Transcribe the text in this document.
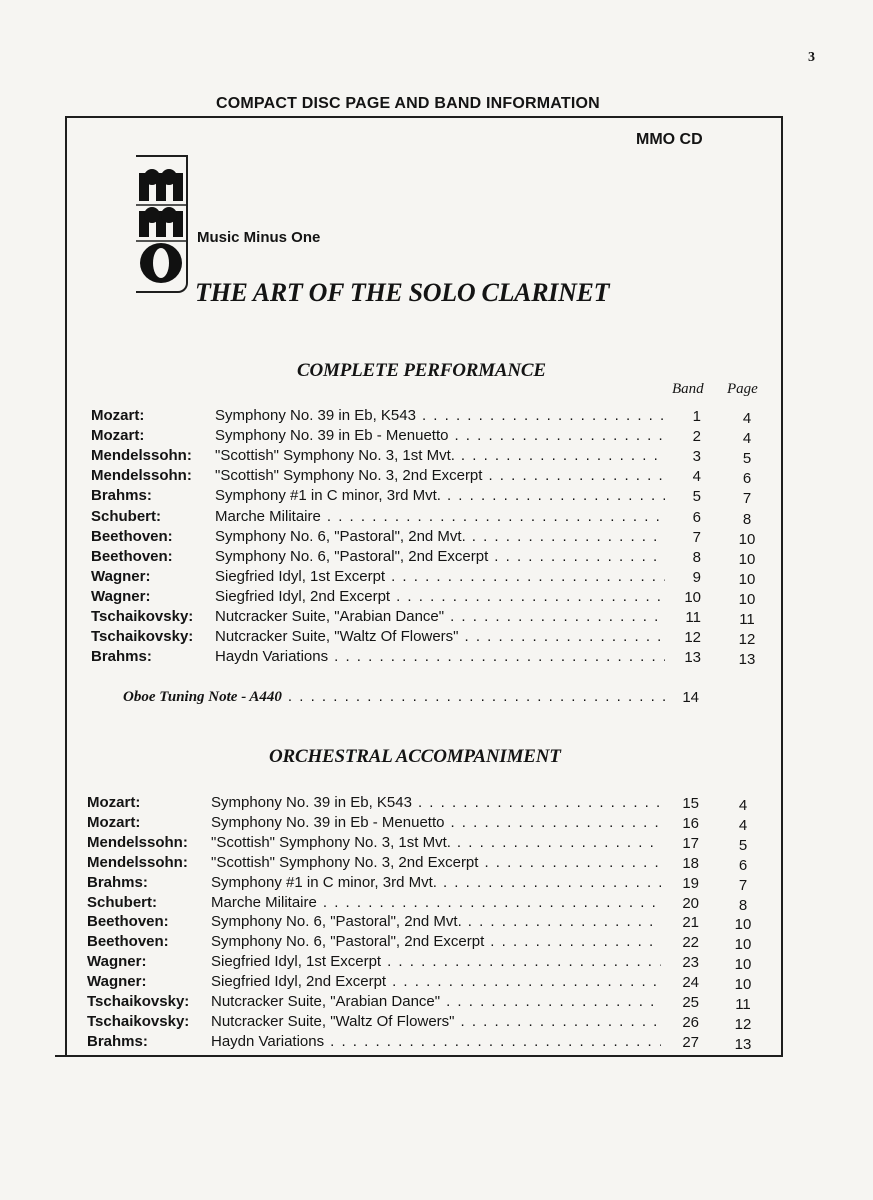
3
COMPACT DISC PAGE AND BAND INFORMATION
MMO CD
Music Minus One
THE ART OF THE SOLO CLARINET
COMPLETE PERFORMANCE
Band Page
Mozart:	Symphony No. 39 in Eb, K543 . . .	1	4
Mozart:	Symphony No. 39 in Eb - Menuetto . . .	2	4
Mendelssohn: "Scottish" Symphony No. 3, 1st Mvt. . . .	3	5
Mendelssohn: "Scottish" Symphony No. 3, 2nd Excerpt . . .	4	6
Brahms:	Symphony #1 in C minor, 3rd Mvt. . . .	5	7
Schubert:	Marche Militaire . . .	6	8
Beethoven:	Symphony No. 6, "Pastoral", 2nd Mvt. . . .	7	10
Beethoven:	Symphony No. 6, "Pastoral", 2nd Excerpt . . .	8	10
Wagner:	Siegfried Idyl, 1st Excerpt . . .	9	10
Wagner:	Siegfried Idyl, 2nd Excerpt . . .	10	10
Tschaikovsky: Nutcracker Suite, "Arabian Dance" . . .	11	11
Tschaikovsky: Nutcracker Suite, "Waltz Of Flowers" . . .	12	12
Brahms:	Haydn Variations . . .	13	13
Oboe Tuning Note - A440 . . .	14
ORCHESTRAL ACCOMPANIMENT
Mozart:	Symphony No. 39 in Eb, K543 . . .	15	4
Mozart:	Symphony No. 39 in Eb - Menuetto . . .	16	4
Mendelssohn: "Scottish" Symphony No. 3, 1st Mvt. . . .	17	5
Mendelssohn: "Scottish" Symphony No. 3, 2nd Excerpt . . .	18	6
Brahms:	Symphony #1 in C minor, 3rd Mvt. . . .	19	7
Schubert:	Marche Militaire . . .	20	8
Beethoven:	Symphony No. 6, "Pastoral", 2nd Mvt. . . .	21	10
Beethoven:	Symphony No. 6, "Pastoral", 2nd Excerpt . . .	22	10
Wagner:	Siegfried Idyl, 1st Excerpt . . .	23	10
Wagner:	Siegfried Idyl, 2nd Excerpt . . .	24	10
Tschaikovsky: Nutcracker Suite, "Arabian Dance" . . .	25	11
Tschaikovsky: Nutcracker Suite, "Waltz Of Flowers" . . .	26	12
Brahms:	Haydn Variations . . .	27	13
